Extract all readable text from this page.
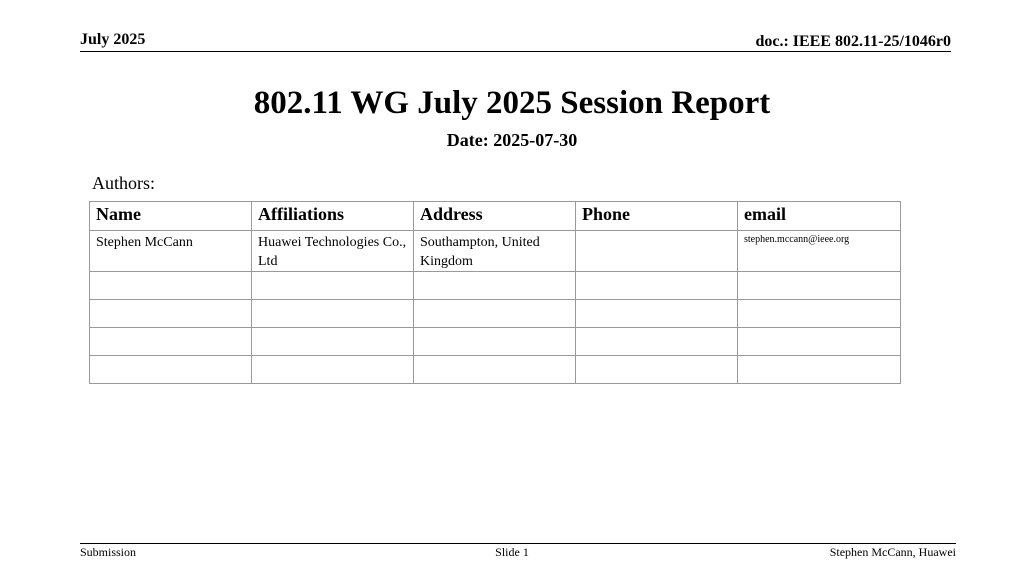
July 2025	doc.: IEEE 802.11-25/1046r0
802.11 WG July 2025 Session Report
Date: 2025-07-30
Authors:
Name	Affiliations	Address	Phone	email
Stephen McCann	Huawei Technologies Co., Ltd	Southampton, United Kingdom		stephen.mccann@ieee.org

Submission	Slide 1	Stephen McCann, Huawei
